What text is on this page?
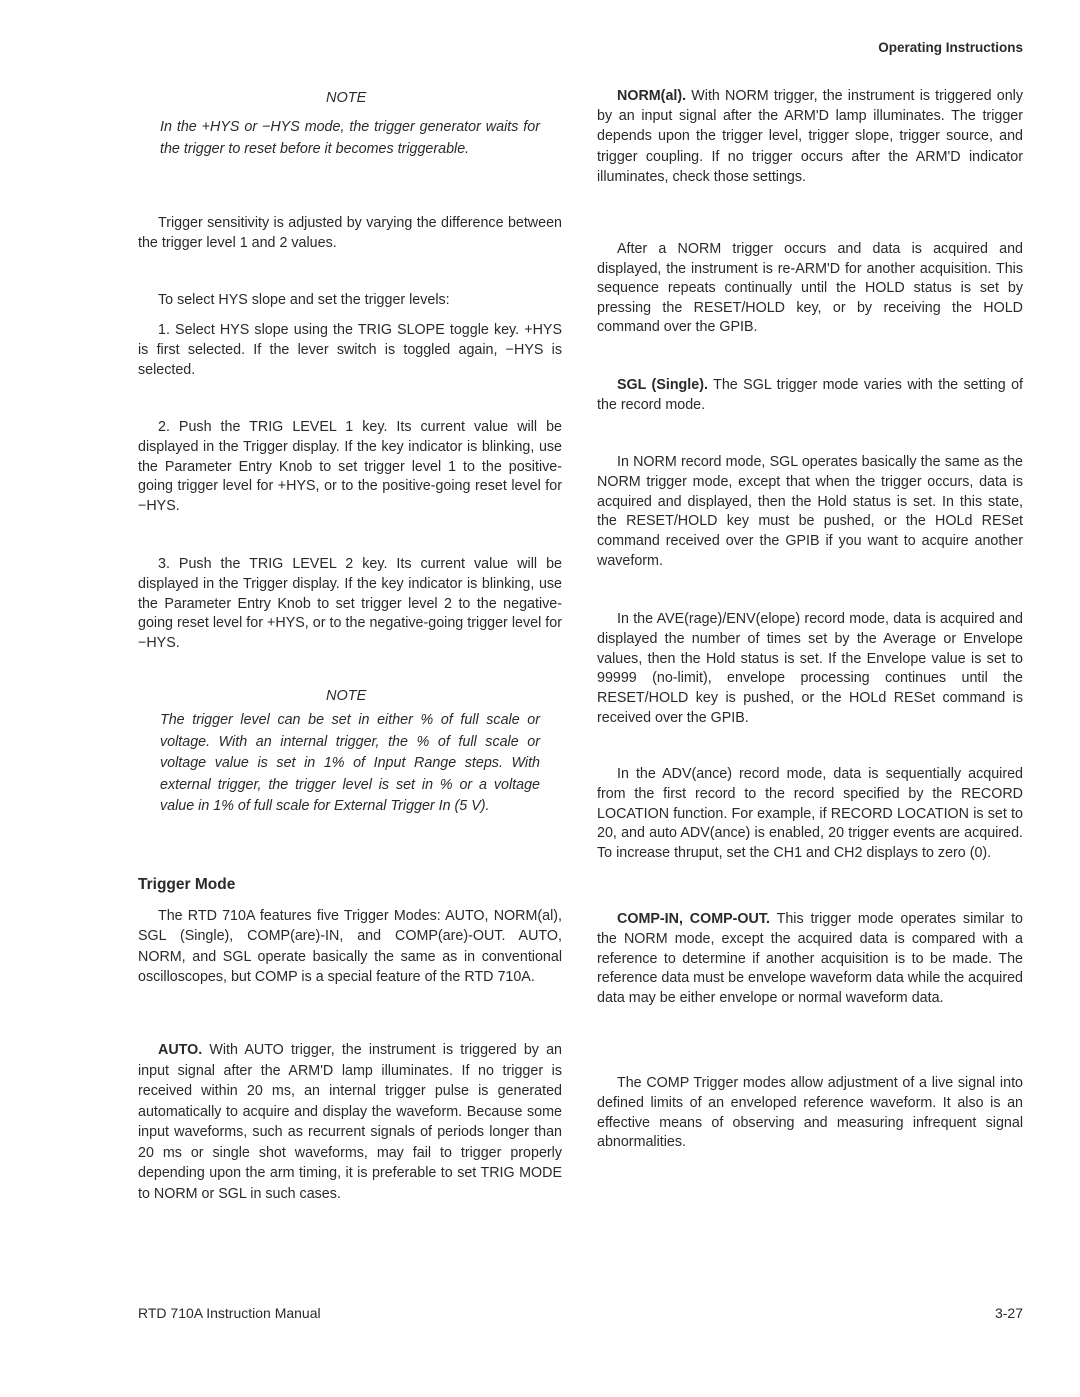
Operating Instructions
NOTE

In the +HYS or −HYS mode, the trigger generator waits for the trigger to reset before it becomes triggerable.

Trigger sensitivity is adjusted by varying the difference between the trigger level 1 and 2 values.

To select HYS slope and set the trigger levels:

1. Select HYS slope using the TRIG SLOPE toggle key. +HYS is first selected. If the lever switch is toggled again, −HYS is selected.

2. Push the TRIG LEVEL 1 key. Its current value will be displayed in the Trigger display. If the key indicator is blinking, use the Parameter Entry Knob to set trigger level 1 to the positive-going trigger level for +HYS, or to the positive-going reset level for −HYS.

3. Push the TRIG LEVEL 2 key. Its current value will be displayed in the Trigger display. If the key indicator is blinking, use the Parameter Entry Knob to set trigger level 2 to the negative-going reset level for +HYS, or to the negative-going trigger level for −HYS.

NOTE

The trigger level can be set in either % of full scale or voltage. With an internal trigger, the % of full scale or voltage value is set in 1% of Input Range steps. With external trigger, the trigger level is set in % or a voltage value in 1% of full scale for External Trigger In (5 V).

Trigger Mode

The RTD 710A features five Trigger Modes: AUTO, NORM(al), SGL (Single), COMP(are)-IN, and COMP(are)-OUT. AUTO, NORM, and SGL operate basically the same as in conventional oscilloscopes, but COMP is a special feature of the RTD 710A.

AUTO. With AUTO trigger, the instrument is triggered by an input signal after the ARM'D lamp illuminates. If no trigger is received within 20 ms, an internal trigger pulse is generated automatically to acquire and display the waveform. Because some input waveforms, such as recurrent signals of periods longer than 20 ms or single shot waveforms, may fail to trigger properly depending upon the arm timing, it is preferable to set TRIG MODE to NORM or SGL in such cases.

NORM(al). With NORM trigger, the instrument is triggered only by an input signal after the ARM'D lamp illuminates. The trigger depends upon the trigger level, trigger slope, trigger source, and trigger coupling. If no trigger occurs after the ARM'D indicator illuminates, check those settings.

After a NORM trigger occurs and data is acquired and displayed, the instrument is re-ARM'D for another acquisition. This sequence repeats continually until the HOLD status is set by pressing the RESET/HOLD key, or by receiving the HOLD command over the GPIB.

SGL (Single). The SGL trigger mode varies with the setting of the record mode.

In NORM record mode, SGL operates basically the same as the NORM trigger mode, except that when the trigger occurs, data is acquired and displayed, then the Hold status is set. In this state, the RESET/HOLD key must be pushed, or the HOLd RESet command received over the GPIB if you want to acquire another waveform.

In the AVE(rage)/ENV(elope) record mode, data is acquired and displayed the number of times set by the Average or Envelope values, then the Hold status is set. If the Envelope value is set to 99999 (no-limit), envelope processing continues until the RESET/HOLD key is pushed, or the HOLd RESet command is received over the GPIB.

In the ADV(ance) record mode, data is sequentially acquired from the first record to the record specified by the RECORD LOCATION function. For example, if RECORD LOCATION is set to 20, and auto ADV(ance) is enabled, 20 trigger events are acquired. To increase thruput, set the CH1 and CH2 displays to zero (0).

COMP-IN, COMP-OUT. This trigger mode operates similar to the NORM mode, except the acquired data is compared with a reference to determine if another acquisition is to be made. The reference data must be envelope waveform data while the acquired data may be either envelope or normal waveform data.

The COMP Trigger modes allow adjustment of a live signal into defined limits of an enveloped reference waveform. It also is an effective means of observing and measuring infrequent signal abnormalities.

RTD 710A Instruction Manual	3-27
